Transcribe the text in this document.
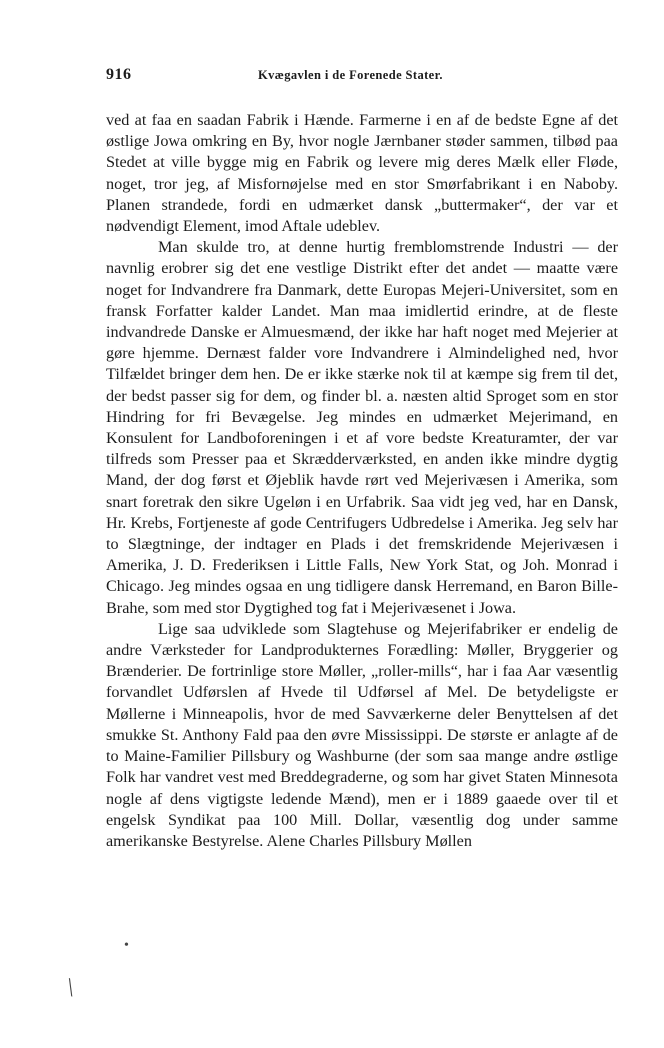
916	Kvægavlen i de Forenede Stater.

ved at faa en saadan Fabrik i Hænde. Farmerne i en af de bedste Egne af det østlige Jowa omkring en By, hvor nogle Jærnbaner støder sammen, tilbød paa Stedet at ville bygge mig en Fabrik og levere mig deres Mælk eller Fløde, noget, tror jeg, af Misfornøjelse med en stor Smørfabrikant i en Naboby. Planen strandede, fordi en udmærket dansk „buttermaker“, der var et nødvendigt Element, imod Aftale udeblev.

Man skulde tro, at denne hurtig fremblomstrende Industri — der navnlig erobrer sig det ene vestlige Distrikt efter det andet — maatte være noget for Indvandrere fra Danmark, dette Europas Mejeri-Universitet, som en fransk Forfatter kalder Landet. Man maa imidlertid erindre, at de fleste indvandrede Danske er Almuesmænd, der ikke har haft noget med Mejerier at gøre hjemme. Dernæst falder vore Indvandrere i Almindelighed ned, hvor Tilfældet bringer dem hen. De er ikke stærke nok til at kæmpe sig frem til det, der bedst passer sig for dem, og finder bl. a. næsten altid Sproget som en stor Hindring for fri Bevægelse. Jeg mindes en udmærket Mejerimand, en Konsulent for Landboforeningen i et af vore bedste Kreaturamter, der var tilfreds som Presser paa et Skrædderværksted, en anden ikke mindre dygtig Mand, der dog først et Øjeblik havde rørt ved Mejerivæsen i Amerika, som snart foretrak den sikre Ugeløn i en Urfabrik. Saa vidt jeg ved, har en Dansk, Hr. Krebs, Fortjeneste af gode Centrifugers Udbredelse i Amerika. Jeg selv har to Slægtninge, der indtager en Plads i det fremskridende Mejerivæsen i Amerika, J. D. Frederiksen i Little Falls, New York Stat, og Joh. Monrad i Chicago. Jeg mindes ogsaa en ung tidligere dansk Herremand, en Baron Bille-Brahe, som med stor Dygtighed tog fat i Mejerivæsenet i Jowa.

Lige saa udviklede som Slagtehuse og Mejerifabriker er endelig de andre Værksteder for Landprodukternes Forædling: Møller, Bryggerier og Brænderier. De fortrinlige store Møller, „roller-mills“, har i faa Aar væsentlig forvandlet Udførslen af Hvede til Udførsel af Mel. De betydeligste er Møllerne i Minneapolis, hvor de med Savværkerne deler Benyttelsen af det smukke St. Anthony Fald paa den øvre Mississippi. De største er anlagte af de to Maine-Familier Pillsbury og Washburne (der som saa mange andre østlige Folk har vandret vest med Breddegraderne, og som har givet Staten Minnesota nogle af dens vigtigste ledende Mænd), men er i 1889 gaaede over til et engelsk Syndikat paa 100 Mill. Dollar, væsentlig dog under samme amerikanske Bestyrelse. Alene Charles Pillsbury Møllen

•
╲
